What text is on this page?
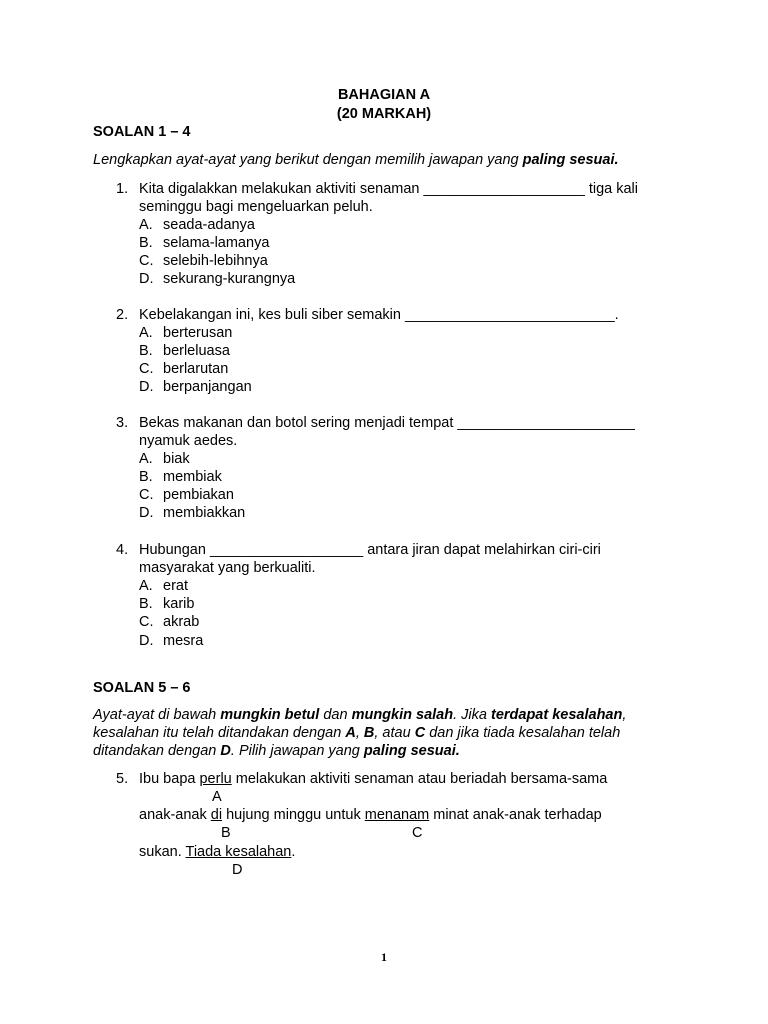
BAHAGIAN A
(20 MARKAH)
SOALAN 1 – 4
Lengkapkan ayat-ayat yang berikut dengan memilih jawapan yang paling sesuai.
1. Kita digalakkan melakukan aktiviti senaman ____________________ tiga kali
seminggu bagi mengeluarkan peluh.
A. seada-adanya
B. selama-lamanya
C. selebih-lebihnya
D. sekurang-kurangnya
2. Kebelakangan ini, kes buli siber semakin __________________________.
A. berterusan
B. berleluasa
C. berlarutan
D. berpanjangan
3. Bekas makanan dan botol sering menjadi tempat ______________________
nyamuk aedes.
A. biak
B. membiak
C. pembiakan
D. membiakkan
4. Hubungan ___________________ antara jiran dapat melahirkan ciri-ciri
masyarakat yang berkualiti.
A. erat
B. karib
C. akrab
D. mesra
SOALAN 5 – 6
Ayat-ayat di bawah mungkin betul dan mungkin salah. Jika terdapat kesalahan,
kesalahan itu telah ditandakan dengan A, B, atau C dan jika tiada kesalahan telah
ditandakan dengan D. Pilih jawapan yang paling sesuai.
5. Ibu bapa perlu melakukan aktiviti senaman atau beriadah bersama-sama
A
anak-anak di hujung minggu untuk menanam minat anak-anak terhadap
B	C
sukan. Tiada kesalahan.
D
1
